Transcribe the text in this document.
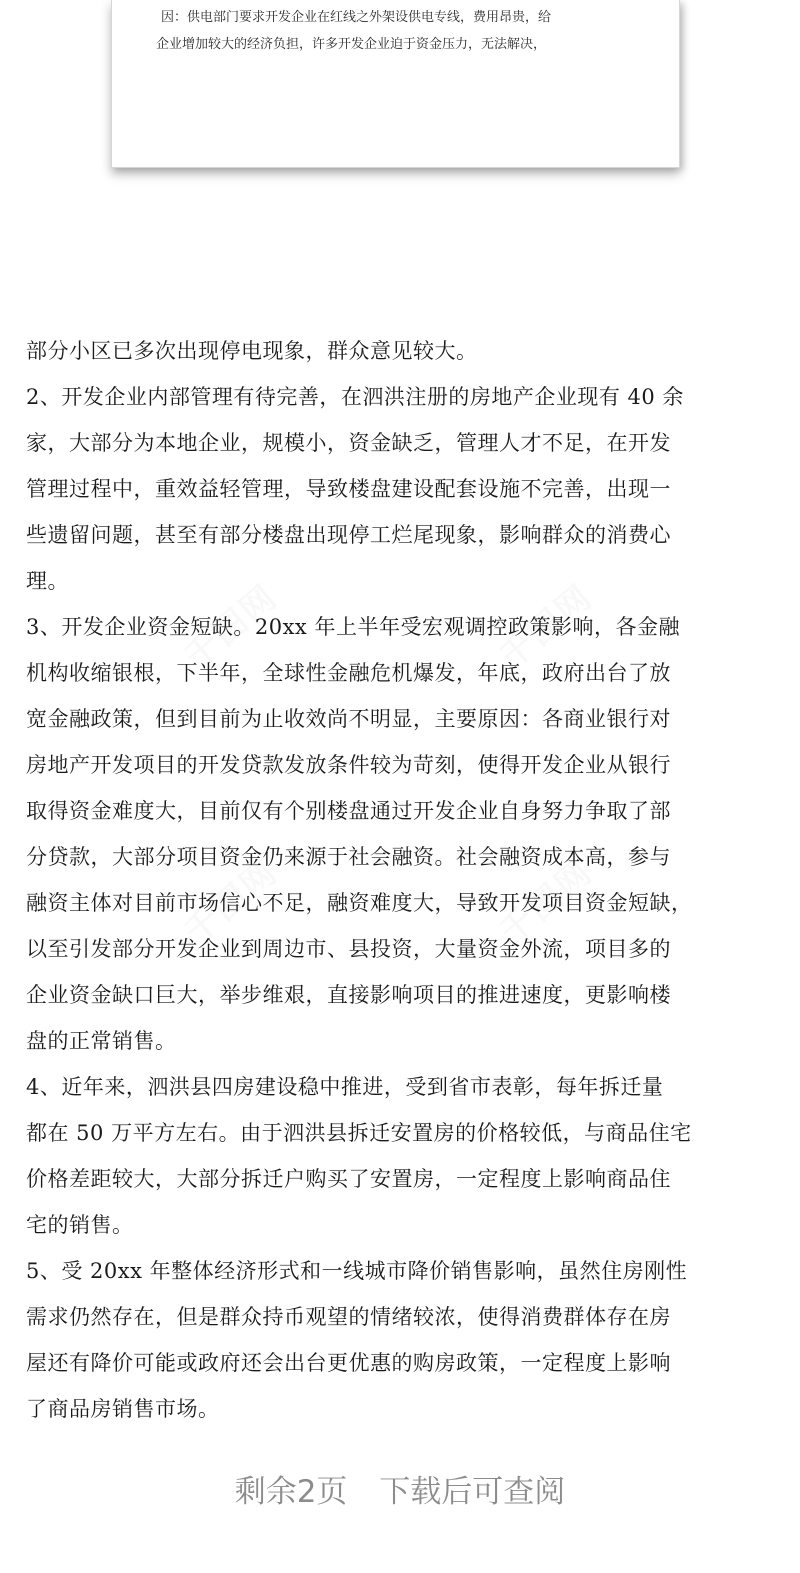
因：供电部门要求开发企业在红线之外架设供电专线，费用昂贵，给
企业增加较大的经济负担，许多开发企业迫于资金压力，无法解决，
千图网	千图网
千图网	千图网
部分小区已多次出现停电现象，群众意见较大。
2、开发企业内部管理有待完善，在泗洪注册的房地产企业现有 40 余
家，大部分为本地企业，规模小，资金缺乏，管理人才不足，在开发
管理过程中，重效益轻管理，导致楼盘建设配套设施不完善，出现一
些遗留问题，甚至有部分楼盘出现停工烂尾现象，影响群众的消费心
理。
3、开发企业资金短缺。20xx 年上半年受宏观调控政策影响，各金融
机构收缩银根，下半年，全球性金融危机爆发，年底，政府出台了放
宽金融政策，但到目前为止收效尚不明显，主要原因：各商业银行对
房地产开发项目的开发贷款发放条件较为苛刻，使得开发企业从银行
取得资金难度大，目前仅有个别楼盘通过开发企业自身努力争取了部
分贷款，大部分项目资金仍来源于社会融资。社会融资成本高，参与
融资主体对目前市场信心不足，融资难度大，导致开发项目资金短缺，
以至引发部分开发企业到周边市、县投资，大量资金外流，项目多的
企业资金缺口巨大，举步维艰，直接影响项目的推进速度，更影响楼
盘的正常销售。
4、近年来，泗洪县四房建设稳中推进，受到省市表彰，每年拆迁量
都在 50 万平方左右。由于泗洪县拆迁安置房的价格较低，与商品住宅
价格差距较大，大部分拆迁户购买了安置房，一定程度上影响商品住
宅的销售。
5、受 20xx 年整体经济形式和一线城市降价销售影响，虽然住房刚性
需求仍然存在，但是群众持币观望的情绪较浓，使得消费群体存在房
屋还有降价可能或政府还会出台更优惠的购房政策，一定程度上影响
了商品房销售市场。
剩余2页 下载后可查阅
